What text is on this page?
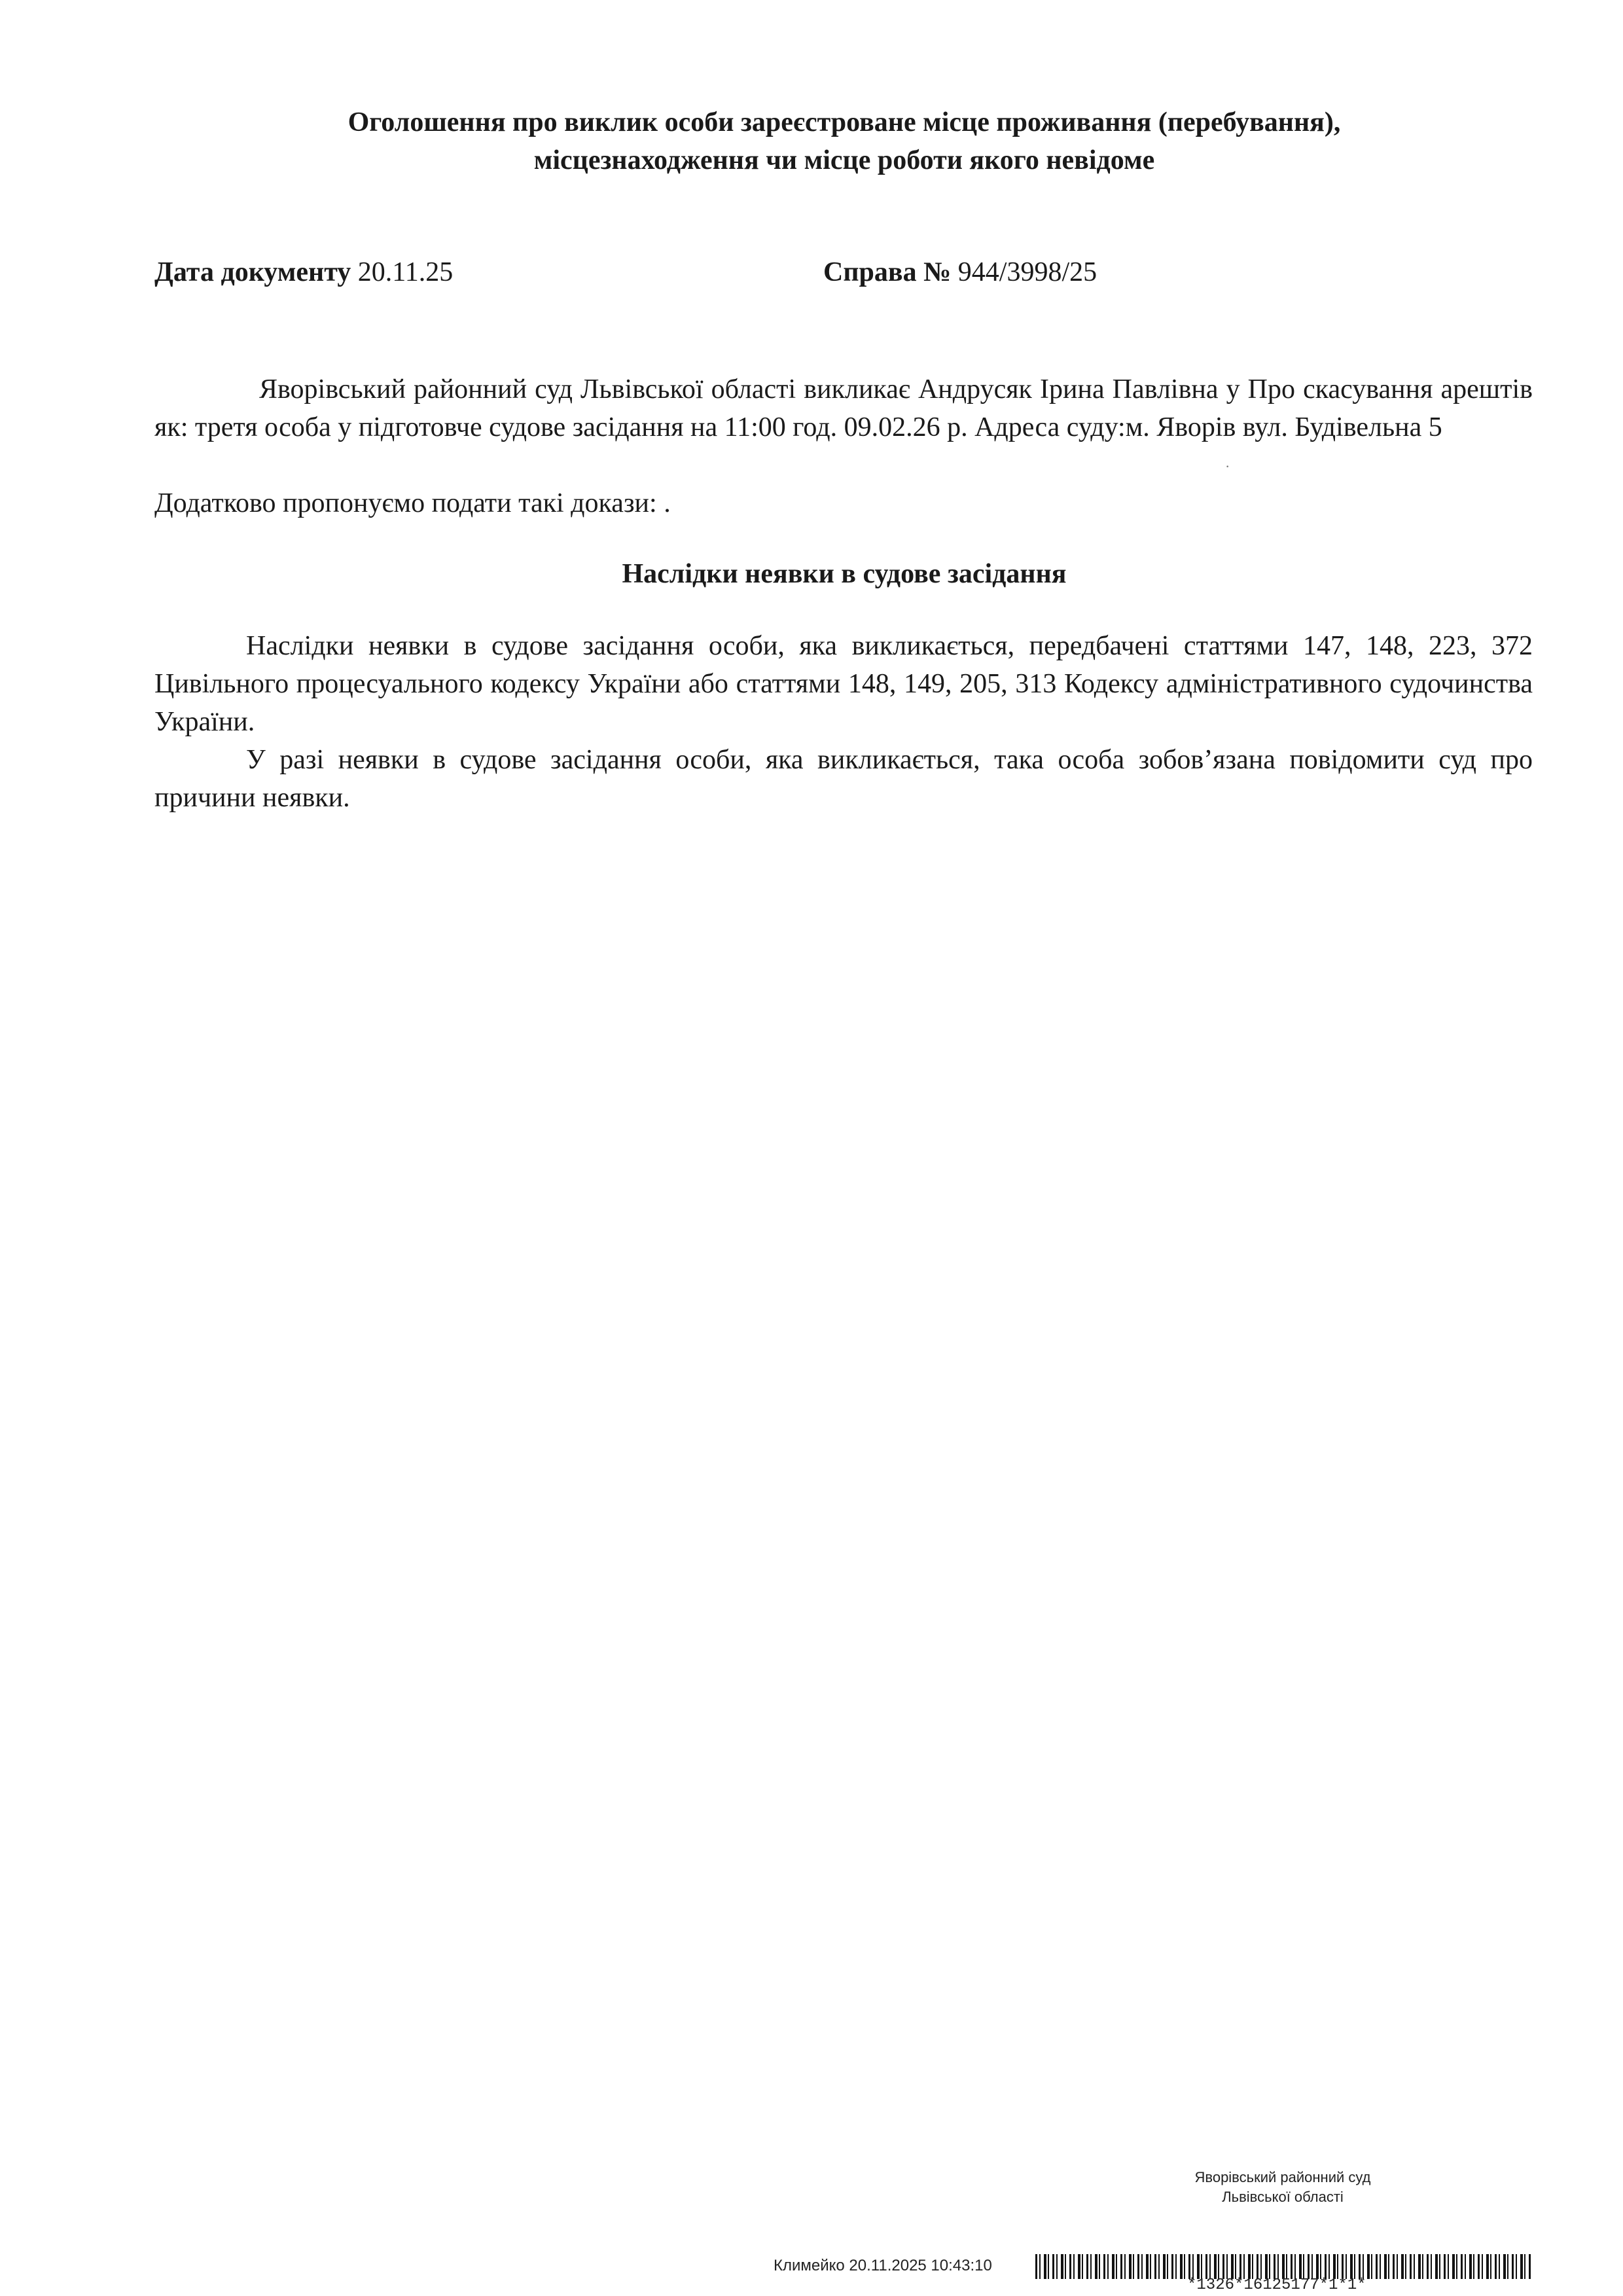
Оголошення про виклик особи зареєстроване місце проживання (перебування),
місцезнаходження чи місце роботи якого невідоме
Дата документу 20.11.25	Справа № 944/3998/25
Яворівський районний суд Львівської області викликає Андрусяк Ірина Павлівна у Про скасування арештів як: третя особа у підготовче судове засідання на 11:00 год. 09.02.26 р. Адреса суду:м. Яворів вул. Будівельна 5
Додатково пропонуємо подати такі докази: .
·
Наслідки неявки в судове засідання
Наслідки неявки в судове засідання особи, яка викликається, передбачені статтями 147, 148, 223, 372 Цивільного процесуального кодексу України або статтями 148, 149, 205, 313 Кодексу адміністративного судочинства України.
У разі неявки в судове засідання особи, яка викликається, така особа зобов’язана повідомити суд про причини неявки.
Яворівський районний суд
Львівської області
Климейко 20.11.2025 10:43:10
*1326*16125177*1*1*
